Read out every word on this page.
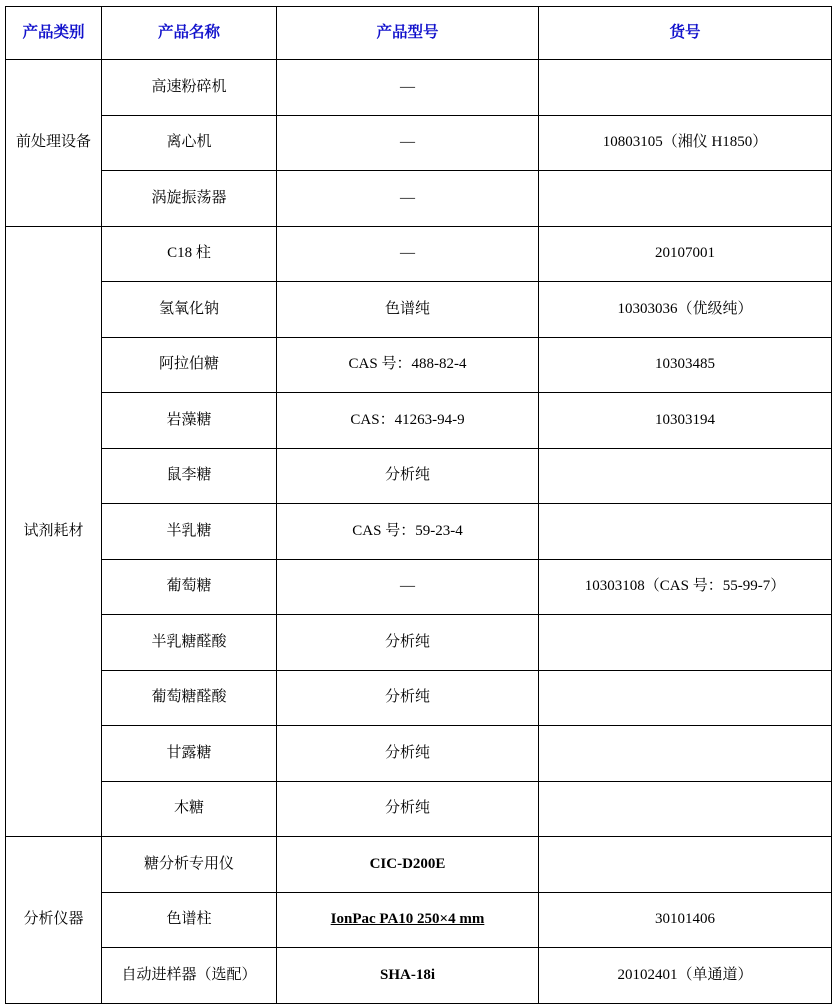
产品类别	产品名称	产品型号	货号
前处理设备	高速粉碎机	—	
	离心机	—	10803105（湘仪 H1850）
	涡旋振荡器	—	
试剂耗材	C18 柱	—	20107001
	氢氧化钠	色谱纯	10303036（优级纯）
	阿拉伯糖	CAS 号：488-82-4	10303485
	岩藻糖	CAS：41263-94-9	10303194
	鼠李糖	分析纯	
	半乳糖	CAS 号：59-23-4	
	葡萄糖	—	10303108（CAS 号：55-99-7）
	半乳糖醛酸	分析纯	
	葡萄糖醛酸	分析纯	
	甘露糖	分析纯	
	木糖	分析纯	
分析仪器	糖分析专用仪	CIC-D200E	
	色谱柱	IonPac PA10 250×4 mm	30101406
	自动进样器（选配）	SHA-18i	20102401（单通道）
